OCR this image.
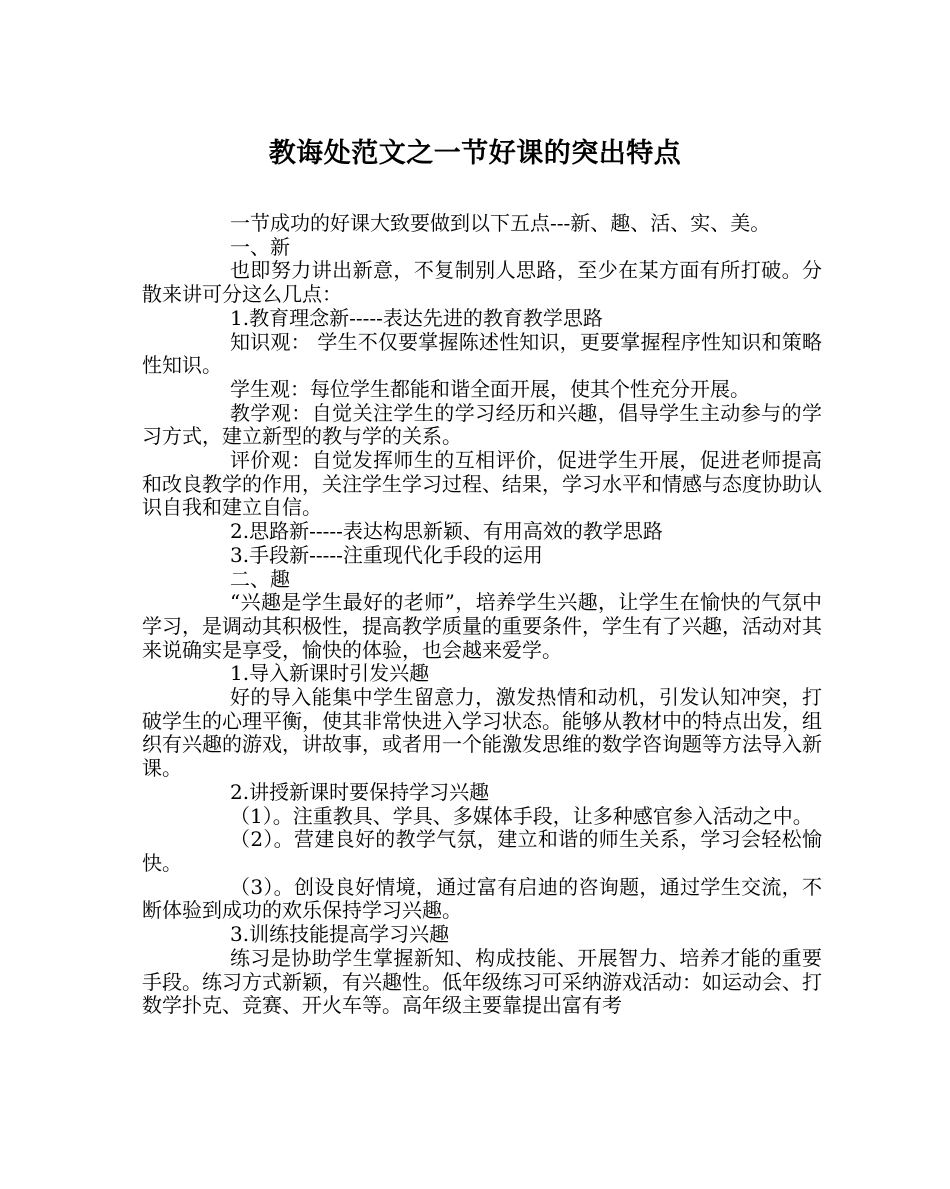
教诲处范文之一节好课的突出特点

一节成功的好课大致要做到以下五点---新、趣、活、实、美。

一、新

也即努力讲出新意，不复制别人思路，至少在某方面有所打破。分散来讲可分这么几点：

1.教育理念新-----表达先进的教育教学思路

知识观： 学生不仅要掌握陈述性知识，更要掌握程序性知识和策略性知识。

学生观：每位学生都能和谐全面开展，使其个性充分开展。

教学观：自觉关注学生的学习经历和兴趣，倡导学生主动参与的学习方式，建立新型的教与学的关系。

评价观：自觉发挥师生的互相评价，促进学生开展，促进老师提高和改良教学的作用，关注学生学习过程、结果，学习水平和情感与态度协助认识自我和建立自信。

2.思路新-----表达构思新颖、有用高效的教学思路

3.手段新-----注重现代化手段的运用

二、趣

“兴趣是学生最好的老师”，培养学生兴趣，让学生在愉快的气氛中学习，是调动其积极性，提高教学质量的重要条件，学生有了兴趣，活动对其来说确实是享受，愉快的体验，也会越来爱学。

1.导入新课时引发兴趣

好的导入能集中学生留意力，激发热情和动机，引发认知冲突，打破学生的心理平衡，使其非常快进入学习状态。能够从教材中的特点出发，组织有兴趣的游戏，讲故事，或者用一个能激发思维的数学咨询题等方法导入新课。

2.讲授新课时要保持学习兴趣

（1）。注重教具、学具、多媒体手段，让多种感官参入活动之中。

（2）。营建良好的教学气氛，建立和谐的师生关系，学习会轻松愉快。

（3）。创设良好情境，通过富有启迪的咨询题，通过学生交流，不断体验到成功的欢乐保持学习兴趣。

3.训练技能提高学习兴趣

练习是协助学生掌握新知、构成技能、开展智力、培养才能的重要手段。练习方式新颖，有兴趣性。低年级练习可采纳游戏活动：如运动会、打数学扑克、竞赛、开火车等。高年级主要靠提出富有考
